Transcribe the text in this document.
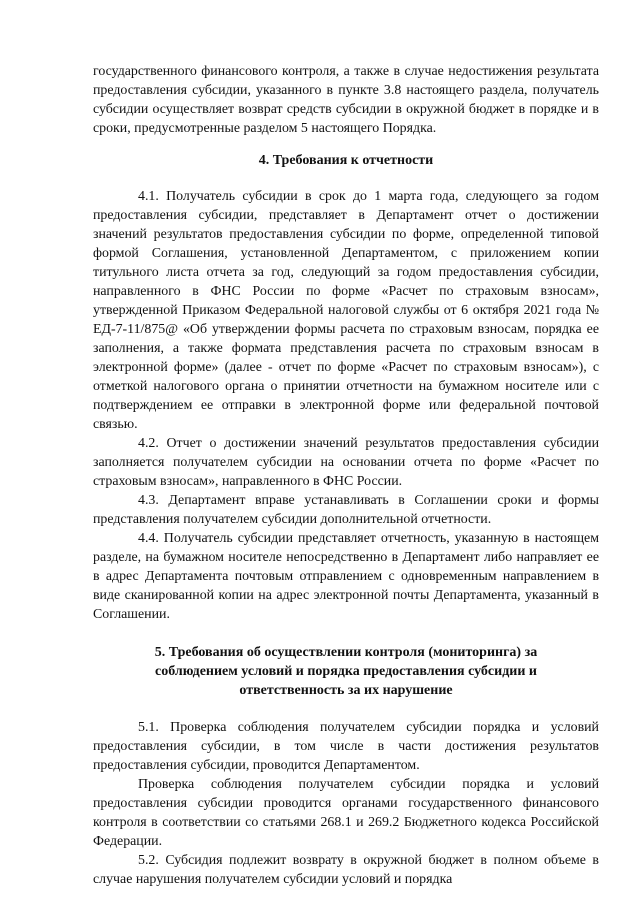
государственного финансового контроля, а также в случае недостижения результата предоставления субсидии, указанного в пункте 3.8 настоящего раздела, получатель субсидии осуществляет возврат средств субсидии в окружной бюджет в порядке и в сроки, предусмотренные разделом 5 настоящего Порядка.

4. Требования к отчетности

4.1. Получатель субсидии в срок до 1 марта года, следующего за годом предоставления субсидии, представляет в Департамент отчет о достижении значений результатов предоставления субсидии по форме, определенной типовой формой Соглашения, установленной Департаментом, с приложением копии титульного листа отчета за год, следующий за годом предоставления субсидии, направленного в ФНС России по форме «Расчет по страховым взносам», утвержденной Приказом Федеральной налоговой службы от 6 октября 2021 года № ЕД-7-11/875@ «Об утверждении формы расчета по страховым взносам, порядка ее заполнения, а также формата представления расчета по страховым взносам в электронной форме» (далее - отчет по форме «Расчет по страховым взносам»), с отметкой налогового органа о принятии отчетности на бумажном носителе или с подтверждением ее отправки в электронной форме или федеральной почтовой связью.

4.2. Отчет о достижении значений результатов предоставления субсидии заполняется получателем субсидии на основании отчета по форме «Расчет по страховым взносам», направленного в ФНС России.

4.3. Департамент вправе устанавливать в Соглашении сроки и формы представления получателем субсидии дополнительной отчетности.

4.4. Получатель субсидии представляет отчетность, указанную в настоящем разделе, на бумажном носителе непосредственно в Департамент либо направляет ее в адрес Департамента почтовым отправлением с одновременным направлением в виде сканированной копии на адрес электронной почты Департамента, указанный в Соглашении.

5. Требования об осуществлении контроля (мониторинга) за
соблюдением условий и порядка предоставления субсидии и
ответственность за их нарушение

5.1. Проверка соблюдения получателем субсидии порядка и условий предоставления субсидии, в том числе в части достижения результатов предоставления субсидии, проводится Департаментом.

Проверка соблюдения получателем субсидии порядка и условий предоставления субсидии проводится органами государственного финансового контроля в соответствии со статьями 268.1 и 269.2 Бюджетного кодекса Российской Федерации.

5.2. Субсидия подлежит возврату в окружной бюджет в полном объеме в случае нарушения получателем субсидии условий и порядка
